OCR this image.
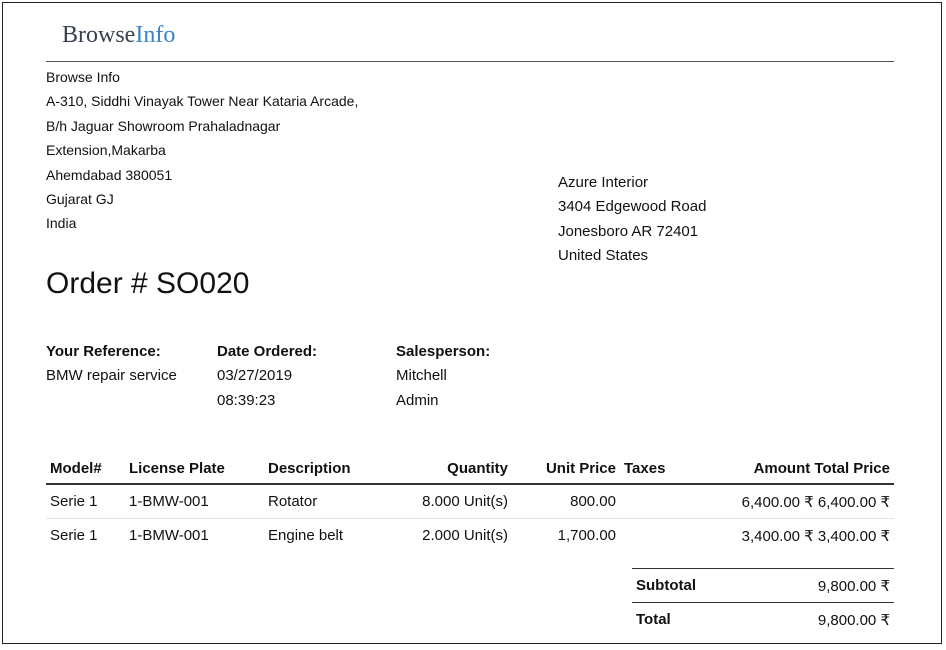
BrowseInfo
Browse Info
A-310, Siddhi Vinayak Tower Near Kataria Arcade,
B/h Jaguar Showroom Prahaladnagar
Extension,Makarba
Ahemdabad 380051
Gujarat GJ
India
Azure Interior
3404 Edgewood Road
Jonesboro AR 72401
United States
Order # SO020
Your Reference:
BMW repair service
Date Ordered:
03/27/2019
08:39:23
Salesperson:
Mitchell
Admin
Model#	License Plate	Description	Quantity	Unit Price	Taxes	Amount Total Price
Serie 1	1-BMW-001	Rotator	8.000 Unit(s)	800.00		6,400.00 ₹ 6,400.00 ₹
Serie 1	1-BMW-001	Engine belt	2.000 Unit(s)	1,700.00		3,400.00 ₹ 3,400.00 ₹
Subtotal	9,800.00 ₹
Total	9,800.00 ₹
